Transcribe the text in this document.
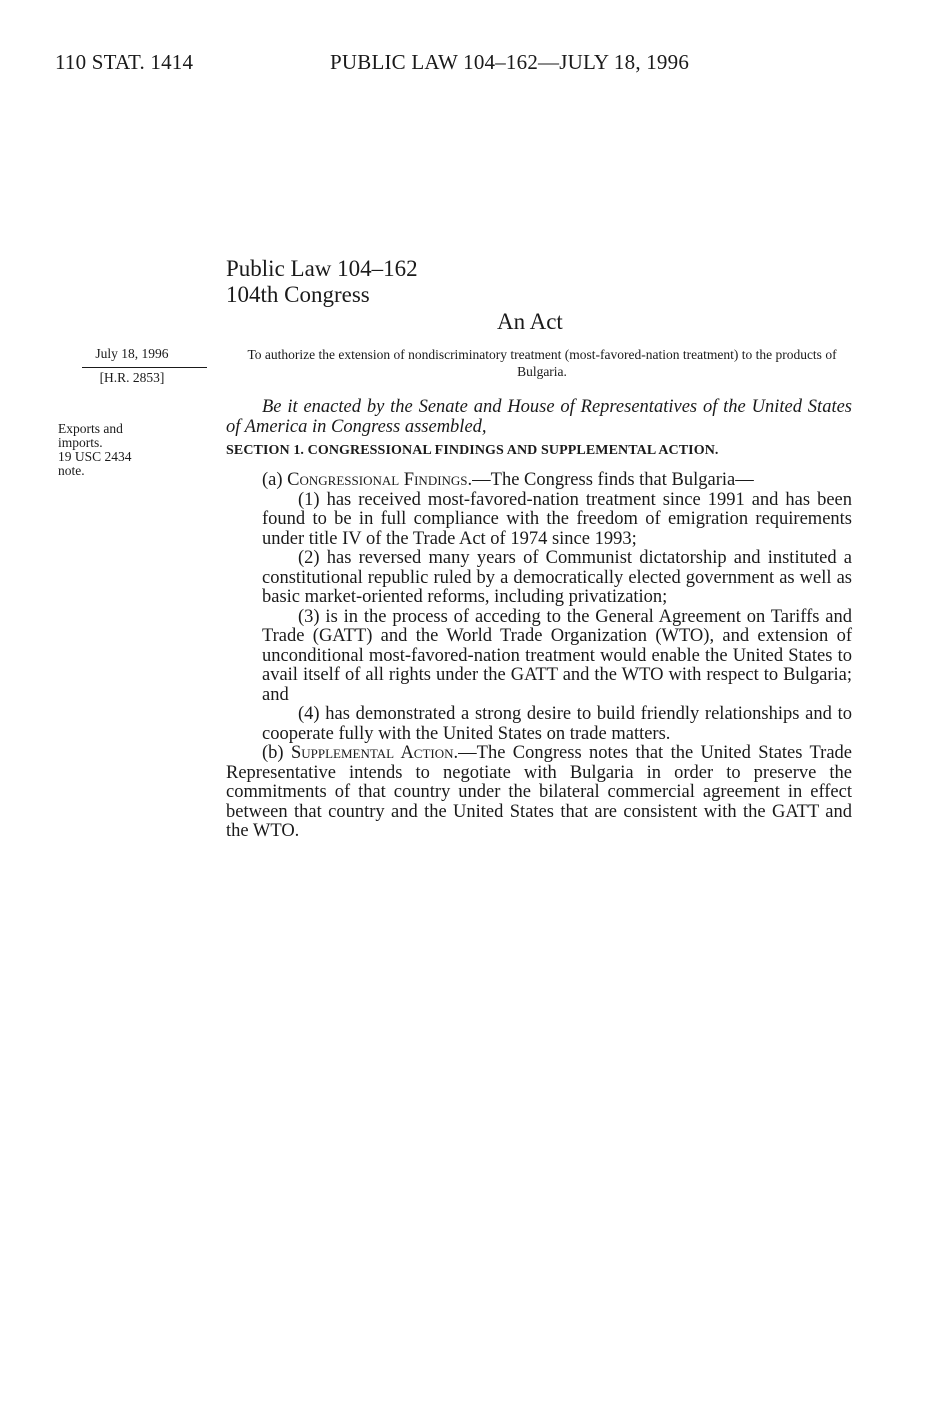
110 STAT. 1414	PUBLIC LAW 104–162—JULY 18, 1996
Public Law 104–162
104th Congress
An Act
July 18, 1996
[H.R. 2853]
Exports and imports.
19 USC 2434
note.
To authorize the extension of nondiscriminatory treatment (most-favored-nation treatment) to the products of Bulgaria.
Be it enacted by the Senate and House of Representatives of the United States of America in Congress assembled,
SECTION 1. CONGRESSIONAL FINDINGS AND SUPPLEMENTAL ACTION.

(a) Congressional Findings.—The Congress finds that Bulgaria—

(1) has received most-favored-nation treatment since 1991 and has been found to be in full compliance with the freedom of emigration requirements under title IV of the Trade Act of 1974 since 1993;

(2) has reversed many years of Communist dictatorship and instituted a constitutional republic ruled by a democratically elected government as well as basic market-oriented reforms, including privatization;

(3) is in the process of acceding to the General Agreement on Tariffs and Trade (GATT) and the World Trade Organization (WTO), and extension of unconditional most-favored-nation treatment would enable the United States to avail itself of all rights under the GATT and the WTO with respect to Bulgaria; and

(4) has demonstrated a strong desire to build friendly relationships and to cooperate fully with the United States on trade matters.

(b) Supplemental Action.—The Congress notes that the United States Trade Representative intends to negotiate with Bulgaria in order to preserve the commitments of that country under the bilateral commercial agreement in effect between that country and the United States that are consistent with the GATT and the WTO.
